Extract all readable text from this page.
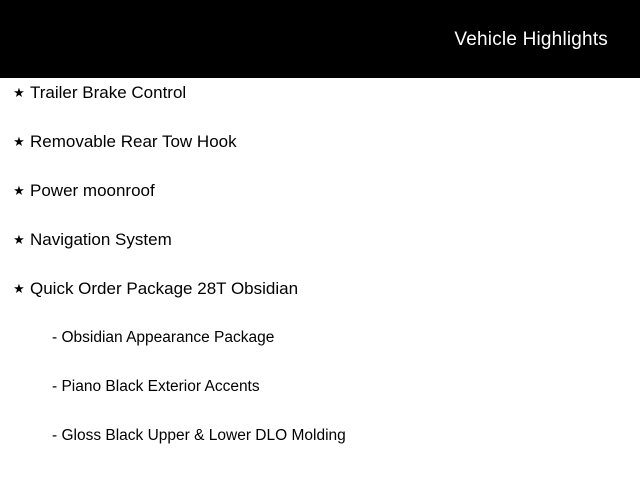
Vehicle Highlights
★ Trailer Brake Control
★ Removable Rear Tow Hook
★ Power moonroof
★ Navigation System
★ Quick Order Package 28T Obsidian
- Obsidian Appearance Package
- Piano Black Exterior Accents
- Gloss Black Upper & Lower DLO Molding
